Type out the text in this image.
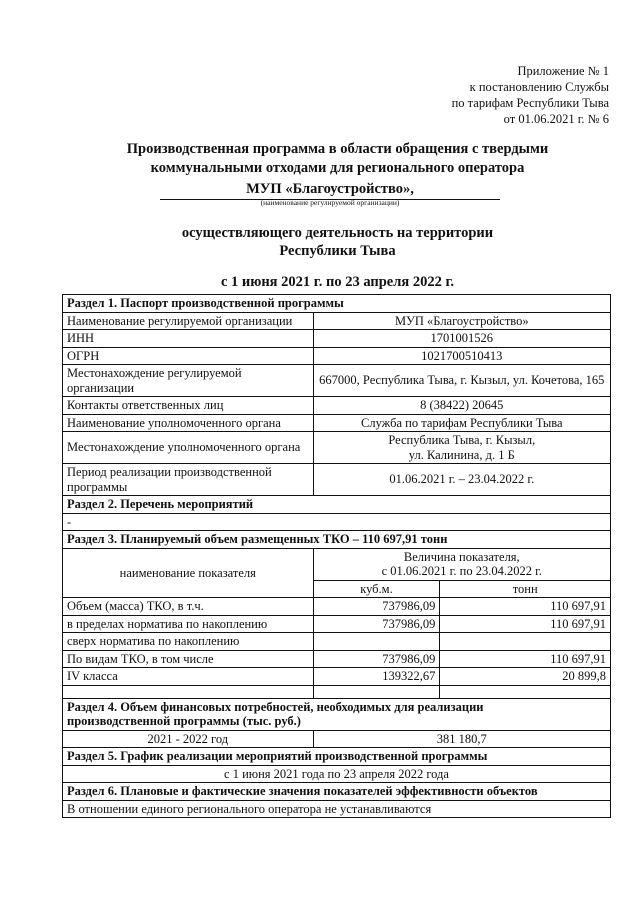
Приложение № 1
к постановлению Службы
по тарифам Республики Тыва
от 01.06.2021 г. № 6
Производственная программа в области обращения с твердыми
коммунальными отходами для регионального оператора
МУП «Благоустройство»,
(наименование регулируемой организации)
осуществляющего деятельность на территории
Республики Тыва
с 1 июня 2021 г. по 23 апреля 2022 г.
Раздел 1. Паспорт производственной программы		
Наименование регулируемой организации	МУП «Благоустройство»	
ИНН	1701001526	
ОГРН	1021700510413	
Местонахождение регулируемой организации	667000, Республика Тыва, г. Кызыл, ул. Кочетова, 165	
Контакты ответственных лиц	8 (38422) 20645	
Наименование уполномоченного органа	Служба по тарифам Республики Тыва	
Местонахождение уполномоченного органа	Республика Тыва, г. Кызыл,
ул. Калинина, д. 1 Б	

Период реализации производственной программы	01.06.2021 г. – 23.04.2022 г.	
Раздел 2. Перечень мероприятий		
-		
Раздел 3. Планируемый объем размещенных ТКО – 110 697,91 тонн		
наименование показателя	Величина показателя,
с 01.06.2021 г. по 23.04.2022 г.	

	куб.м.	тонн
Объем (масса) ТКО, в т.ч.	737986,09	110 697,91
в пределах норматива по накоплению	737986,09	110 697,91
сверх норматива по накоплению		
По видам ТКО, в том числе	737986,09	110 697,91
IV класса	139322,67	20 899,8

Раздел 4. Объем финансовых потребностей, необходимых для реализации
производственной программы (тыс. руб.)		

2021 - 2022 год	381 180,7	
Раздел 5. График реализации мероприятий производственной программы		
с 1 июня 2021 года по 23 апреля 2022 года		
Раздел 6. Плановые и фактические значения показателей эффективности объектов		
В отношении единого регионального оператора не устанавливаются		
